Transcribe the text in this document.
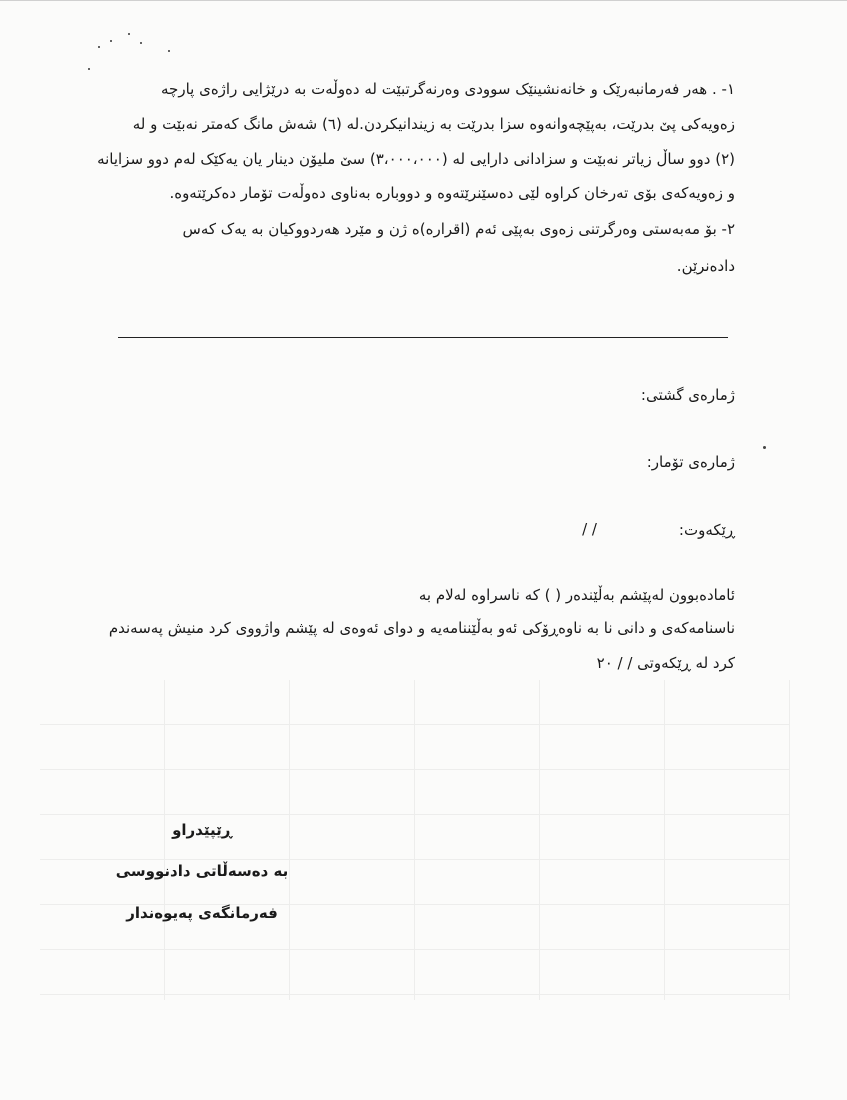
١- . هەر فەرمانبەرێک و خانەنشینێک سوودی وەرنەگرتبێت لە دەوڵەت بە درێژایی راژەی پارچە
زەویەکی پێ بدرێت، بەپێچەوانەوە سزا بدرێت بە زیندانیکردن.لە (٦) شەش مانگ کەمتر نەبێت و لە
(٢) دوو ساڵ زیاتر نەبێت و سزادانی دارایی لە (٣،٠٠٠،٠٠٠) سێ ملیۆن دینار یان یەکێک لەم دوو سزایانە
و زەویەکەی بۆی تەرخان کراوە لێی دەسێنرێتەوە و دووبارە بەناوی دەوڵەت تۆمار دەکرێتەوە.
٢- بۆ مەبەستی وەرگرتنی زەوی بەپێی ئەم (اقرارە)ە ژن و مێرد هەردووکیان بە یەک کەس
دادەنرێن.
ژمارەی گشتی:
ژمارەی تۆمار:
ڕێکەوت:
/ /
ئامادەبوون لەپێشم بەڵێندەر ( ) کە ناسراوە لەلام بە
ناسنامەکەی و دانی نا بە ناوەڕۆکی ئەو بەڵێننامەیە و دوای ئەوەی لە پێشم واژووی کرد منیش پەسەندم
کرد لە ڕێکەوتی / / ٢٠
ڕێپێدراو
بە دەسەڵاتی دادنووسی
فەرمانگەی پەیوەندار
